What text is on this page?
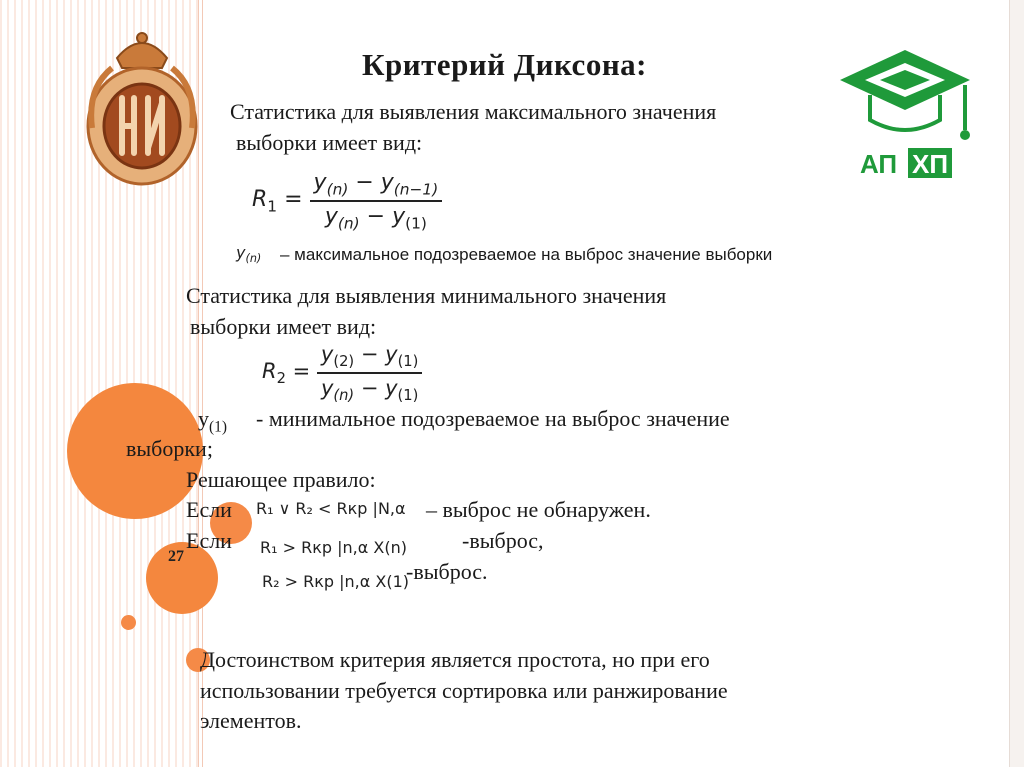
АП ХП
27
Критерий Диксона:
Статистика для выявления максимального значения
выборки имеет вид:
$R_1 = \frac{y_{(n)} - y_{(n-1)}}{y_{(n)} - y_{(1)}}$
$y_{(n)}$ – максимальное подозреваемое на выброс значение выборки
Статистика для выявления минимального значения
выборки имеет вид:
$R_2 = \frac{y_{(2)} - y_{(1)}}{y_{(n)} - y_{(1)}}$
$y_{(1)}$ - минимальное подозреваемое на выброс значение
выборки;
Решающее правило:
Если R₁ ∨ R₂ < Rкр |N,α – выброс не обнаружен.
Если R₁ > Rкр |n,α X(n)	-выброс,
R₂ > Rкр |n,α X(1)
-выброс.
Достоинством критерия является простота, но при его
использовании требуется сортировка или ранжирование
элементов.
